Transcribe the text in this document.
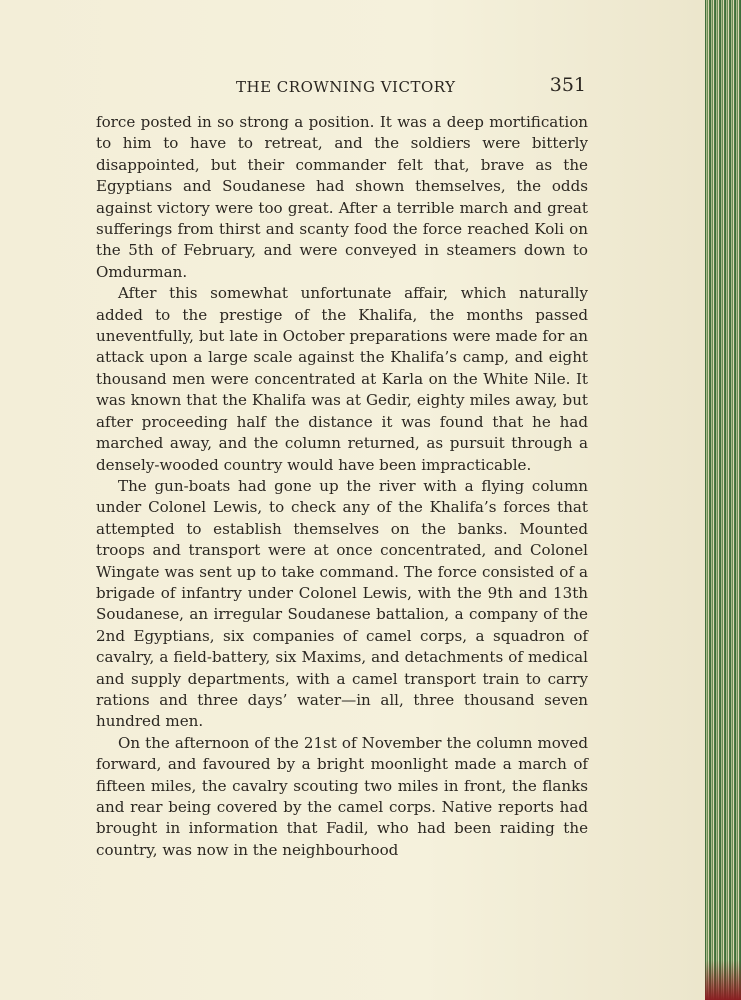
THE CROWNING VICTORY	351

force posted in so strong a position. It was a deep mortification to him to have to retreat, and the soldiers were bitterly disappointed, but their commander felt that, brave as the Egyptians and Soudanese had shown themselves, the odds against victory were too great. After a terrible march and great sufferings from thirst and scanty food the force reached Koli on the 5th of February, and were conveyed in steamers down to Omdurman.

After this somewhat unfortunate affair, which naturally added to the prestige of the Khalifa, the months passed uneventfully, but late in October preparations were made for an attack upon a large scale against the Khalifa’s camp, and eight thousand men were concentrated at Karla on the White Nile. It was known that the Khalifa was at Gedir, eighty miles away, but after proceeding half the distance it was found that he had marched away, and the column returned, as pursuit through a densely-wooded country would have been impracticable.

The gun-boats had gone up the river with a flying column under Colonel Lewis, to check any of the Khalifa’s forces that attempted to establish themselves on the banks. Mounted troops and transport were at once concentrated, and Colonel Wingate was sent up to take command. The force consisted of a brigade of infantry under Colonel Lewis, with the 9th and 13th Soudanese, an irregular Soudanese battalion, a company of the 2nd Egyptians, six companies of camel corps, a squadron of cavalry, a field-battery, six Maxims, and detachments of medical and supply departments, with a camel transport train to carry rations and three days’ water—in all, three thousand seven hundred men.

On the afternoon of the 21st of November the column moved forward, and favoured by a bright moonlight made a march of fifteen miles, the cavalry scouting two miles in front, the flanks and rear being covered by the camel corps. Native reports had brought in information that Fadil, who had been raiding the country, was now in the neighbourhood
